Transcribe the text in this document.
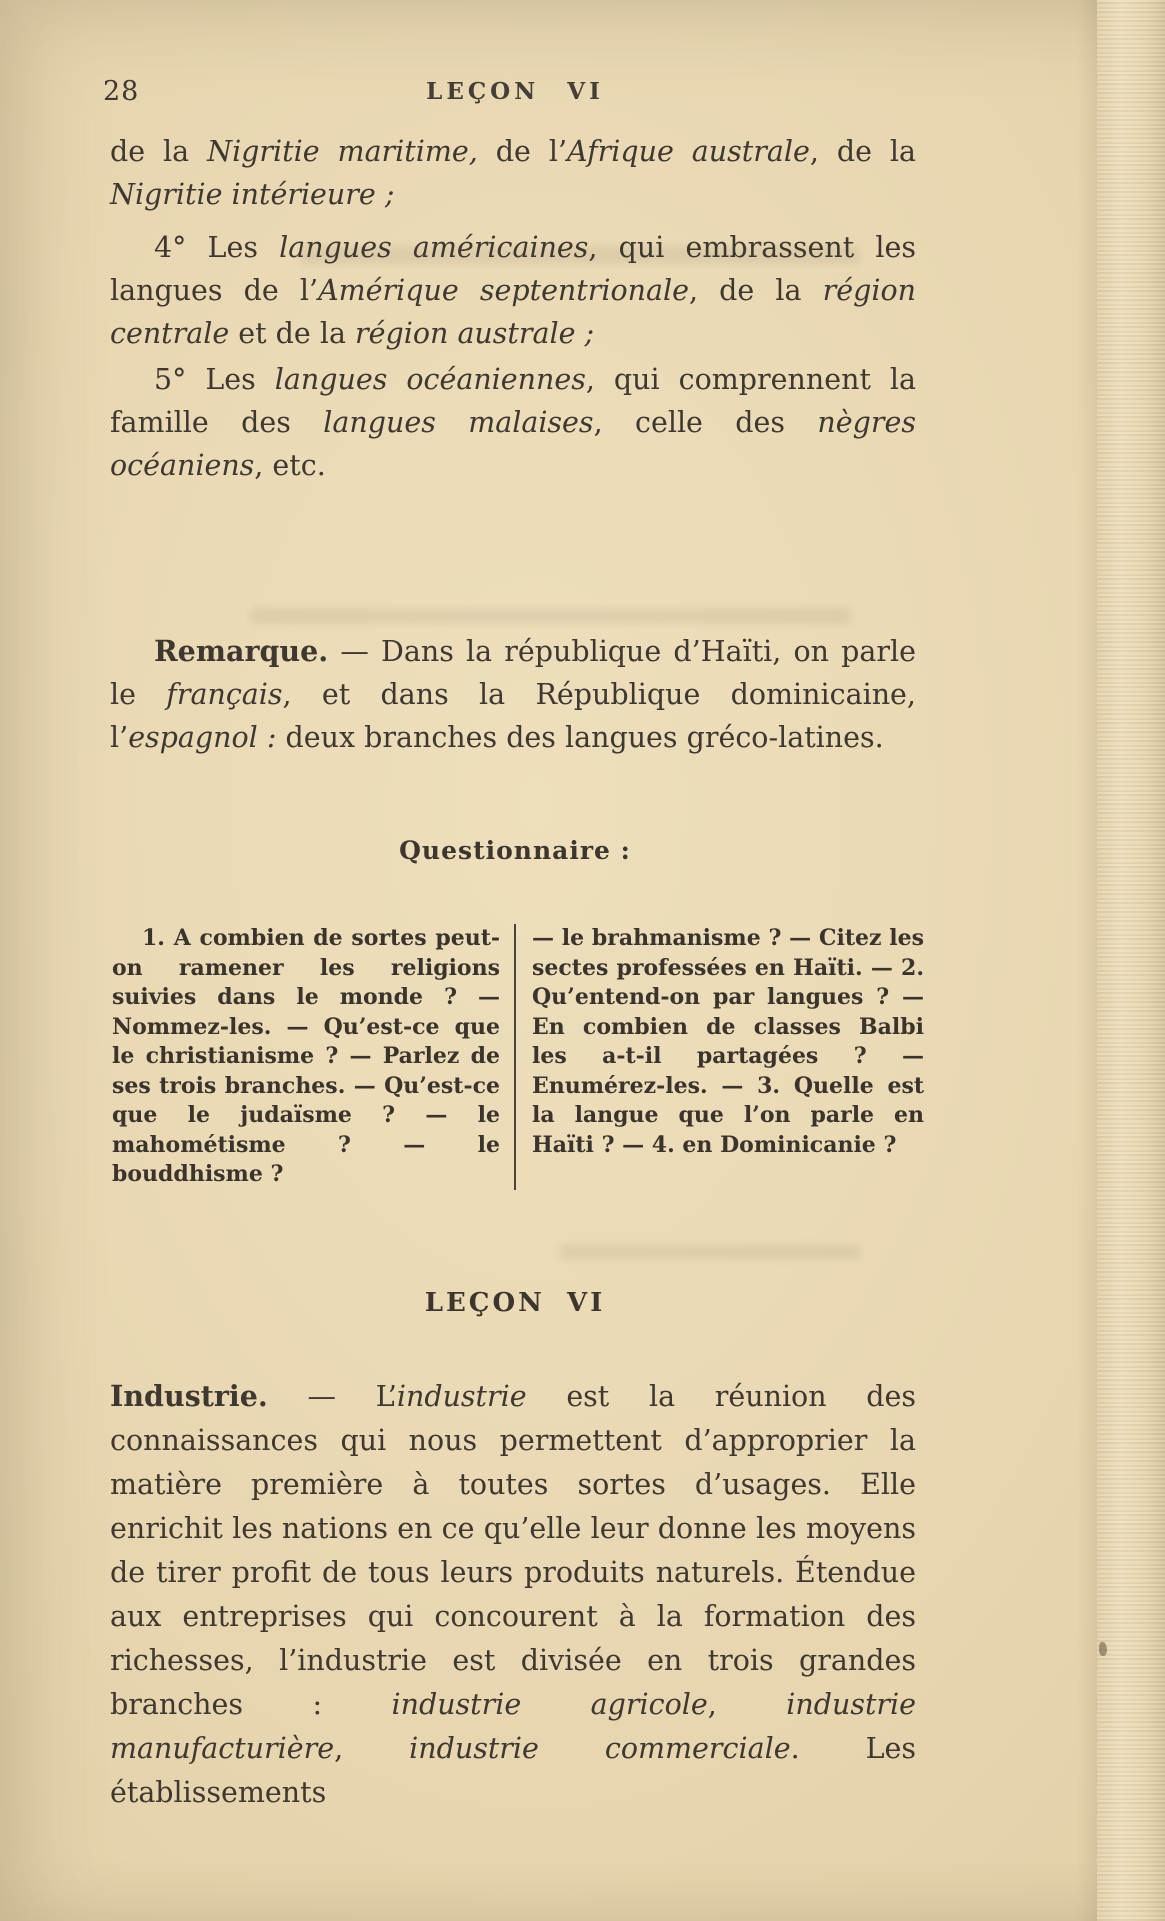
28	LEÇON VI

de la Nigritie maritime, de l’Afrique australe, de la Nigritie intérieure ;

4° Les langues américaines, qui embrassent les langues de l’Amérique septentrionale, de la région centrale et de la région australe ;

5° Les langues océaniennes, qui comprennent la famille des langues malaises, celle des nègres océaniens, etc.

Remarque. — Dans la république d’Haïti, on parle le français, et dans la République dominicaine, l’espagnol : deux branches des langues gréco-latines.

Questionnaire :

1. A combien de sortes peut-on ramener les religions suivies dans le monde ? — Nommez-les. — Qu’est-ce que le christianisme ? — Parlez de ses trois branches. — Qu’est-ce que le judaïsme ? — le mahométisme ? — le bouddhisme ?

— le brahmanisme ? — Citez les sectes professées en Haïti. — 2. Qu’entend-on par langues ? — En combien de classes Balbi les a-t-il partagées ? — Enumérez-les. — 3. Quelle est la langue que l’on parle en Haïti ? — 4. en Dominicanie ?

LEÇON VI

Industrie. — L’industrie est la réunion des connaissances qui nous permettent d’approprier la matière première à toutes sortes d’usages. Elle enrichit les nations en ce qu’elle leur donne les moyens de tirer profit de tous leurs produits naturels. Étendue aux entreprises qui concourent à la formation des richesses, l’industrie est divisée en trois grandes branches : industrie agricole, industrie manufacturière, industrie commerciale. Les établissements
